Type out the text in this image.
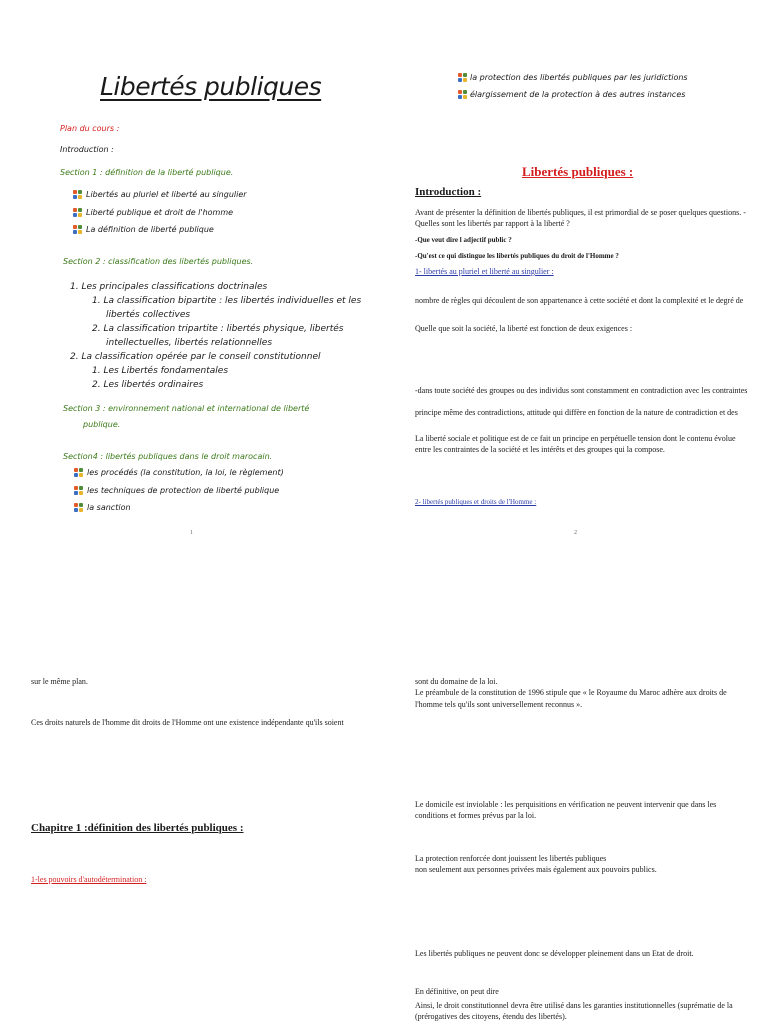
Libertés publiques
Plan du cours :
Introduction :
Section 1 : définition de la liberté publique.
Libertés au pluriel et liberté au singulier
Liberté publique et droit de l'homme
La définition de liberté publique
Section 2 : classification des libertés publiques.
1. Les principales classifications doctrinales
1. La classification bipartite : les libertés individuelles et les
libertés collectives
2. La classification tripartite : libertés physique, libertés
intellectuelles, libertés relationnelles
2. La classification opérée par le conseil constitutionnel
1. Les Libertés fondamentales
2. Les libertés ordinaires
Section 3 : environnement national et international de liberté
publique.
Section4 : libertés publiques dans le droit marocain.
les procédés (la constitution, la loi, le règlement)
les techniques de protection de liberté publique
la sanction
1
la protection des libertés publiques par les juridictions
élargissement de la protection à des autres instances
Libertés publiques :
Introduction :
Avant de présenter la définition de libertés publiques, il est primordial de se poser quelques questions. -Quelles sont les libertés par rapport à la liberté ?
-Que veut dire l adjectif public ?
-Qu'est ce qui distingue les libertés publiques du droit de l'Homme ?
1- libertés au pluriel et liberté au singulier :
nombre de règles qui découlent de son appartenance à cette société et dont la complexité et le degré de
Quelle que soit la société, la liberté est fonction de deux exigences :
-dans toute société des groupes ou des individus sont constamment en contradiction avec les contraintes
principe même des contradictions, attitude qui diffère en fonction de la nature de contradiction et des
La liberté sociale et politique est de ce fait un principe en perpétuelle tension dont le contenu évolue entre les contraintes de la société et les intérêts et des groupes qui la compose.
2- libertés publiques et droits de l'Homme :
2
sur le même plan.
Ces droits naturels de l'homme dit droits de l'Homme ont une existence indépendante qu'ils soient
Chapitre 1 :définition des libertés publiques :
1-les pouvoirs d'autodétermination :
sont du domaine de la loi.
Le préambule de la constitution de 1996 stipule que « le Royaume du Maroc adhère aux droits de
l'homme tels qu'ils sont universellement reconnus ».
Le domicile est inviolable : les perquisitions en vérification ne peuvent intervenir que dans les conditions et formes prévus par la loi.
La protection renforcée dont jouissent les libertés publiques
non seulement aux personnes privées mais également aux pouvoirs publics.
Les libertés publiques ne peuvent donc se développer pleinement dans un Etat de droit.
En définitive, on peut dire
Ainsi, le droit constitutionnel devra être utilisé dans les garanties institutionnelles (suprématie de la
(prérogatives des citoyens, étendu des libertés).
